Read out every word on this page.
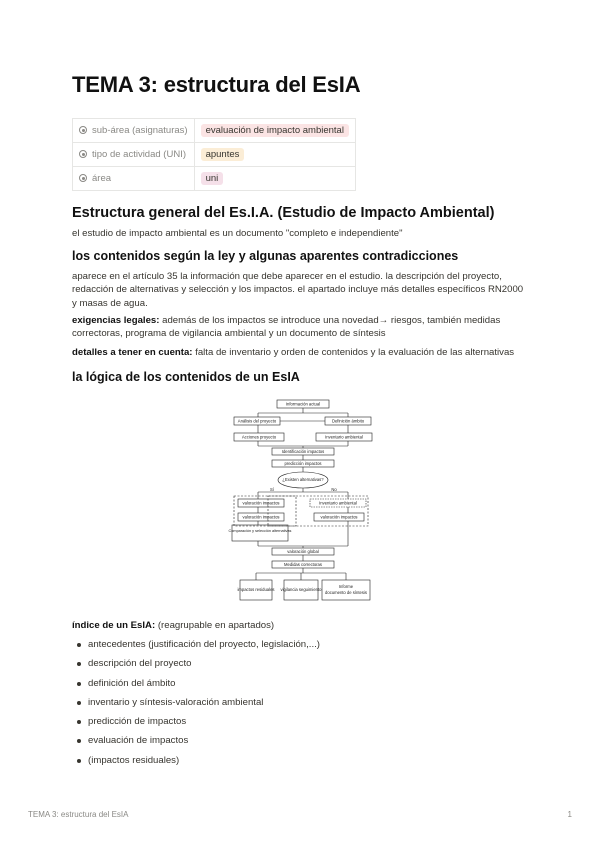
TEMA 3: estructura del EsIA
sub-área (asignaturas)	evaluación de impacto ambiental
tipo de actividad (UNI)	apuntes
área	uni
Estructura general del Es.I.A. (Estudio de Impacto Ambiental)

el estudio de impacto ambiental es un documento "completo e independiente"

los contenidos según la ley y algunas aparentes contradicciones

aparece en el artículo 35 la información que debe aparecer en el estudio. la descripción del proyecto, redacción de alternativas y selección y los impactos. el apartado incluye más detalles específicos RN2000 y masas de agua.

exigencias legales: además de los impactos se introduce una novedad→ riesgos, también medidas correctoras, programa de vigilancia ambiental y un documento de síntesis

detalles a tener en cuenta: falta de inventario y orden de contenidos y la evaluación de las alternativas

la lógica de los contenidos de un EsIA
Información actual
Análisis del proyecto	Definición ámbito
Acciones proyecto	Inventario ambiental
Identificación impactos
predicción impactos
¿Existen alternativas?
valoración impactos	Inventario ambiental
valoración impactos	valoración impactos
Comparación y selección alternativas
valoración global
Medidas correctoras
impactos residuales vigilancia seguimiento
Informe
documento de síntesis
Sí	No

índice de un EsIA: (reagrupable en apartados)

antecedentes (justificación del proyecto, legislación,...)
descripción del proyecto
definición del ámbito
inventario y síntesis-valoración ambiental
predicción de impactos
evaluación de impactos
(impactos residuales)
TEMA 3: estructura del EsIA	1
